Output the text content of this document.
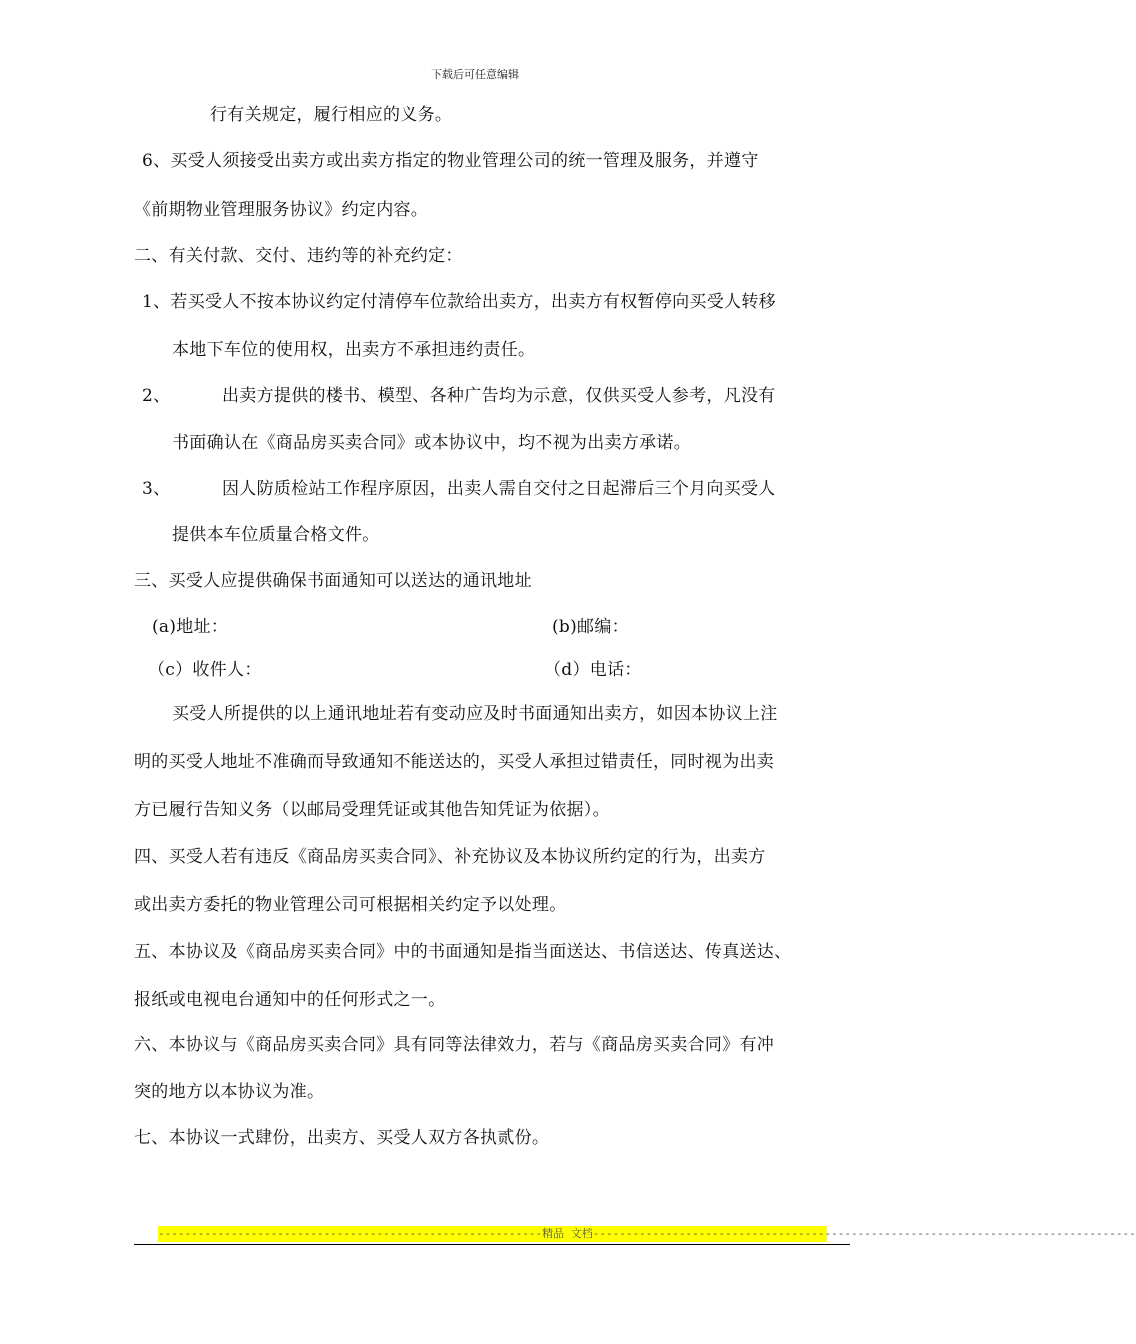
下载后可任意编辑
行有关规定，履行相应的义务。
6、买受人须接受出卖方或出卖方指定的物业管理公司的统一管理及服务，并遵守
《前期物业管理服务协议》约定内容。
二、有关付款、交付、违约等的补充约定：
1、若买受人不按本协议约定付清停车位款给出卖方，出卖方有权暂停向买受人转移
本地下车位的使用权，出卖方不承担违约责任。
2、	出卖方提供的楼书、模型、各种广告均为示意，仅供买受人参考，凡没有
书面确认在《商品房买卖合同》或本协议中，均不视为出卖方承诺。
3、	因人防质检站工作程序原因，出卖人需自交付之日起滞后三个月向买受人
提供本车位质量合格文件。
三、买受人应提供确保书面通知可以送达的通讯地址
(a)地址：	(b)邮编：
（c）收件人：	（d）电话：
买受人所提供的以上通讯地址若有变动应及时书面通知出卖方，如因本协议上注
明的买受人地址不准确而导致通知不能送达的，买受人承担过错责任，同时视为出卖
方已履行告知义务（以邮局受理凭证或其他告知凭证为依据）。
四、买受人若有违反《商品房买卖合同》、补充协议及本协议所约定的行为，出卖方
或出卖方委托的物业管理公司可根据相关约定予以处理。
五、本协议及《商品房买卖合同》中的书面通知是指当面送达、书信送达、传真送达、
报纸或电视电台通知中的任何形式之一。
六、本协议与《商品房买卖合同》具有同等法律效力，若与《商品房买卖合同》有冲
突的地方以本协议为准。
七、本协议一式肆份，出卖方、买受人双方各执贰份。
----------------------------------------------------------精品 文档----------------------------------------------------------------------------------
